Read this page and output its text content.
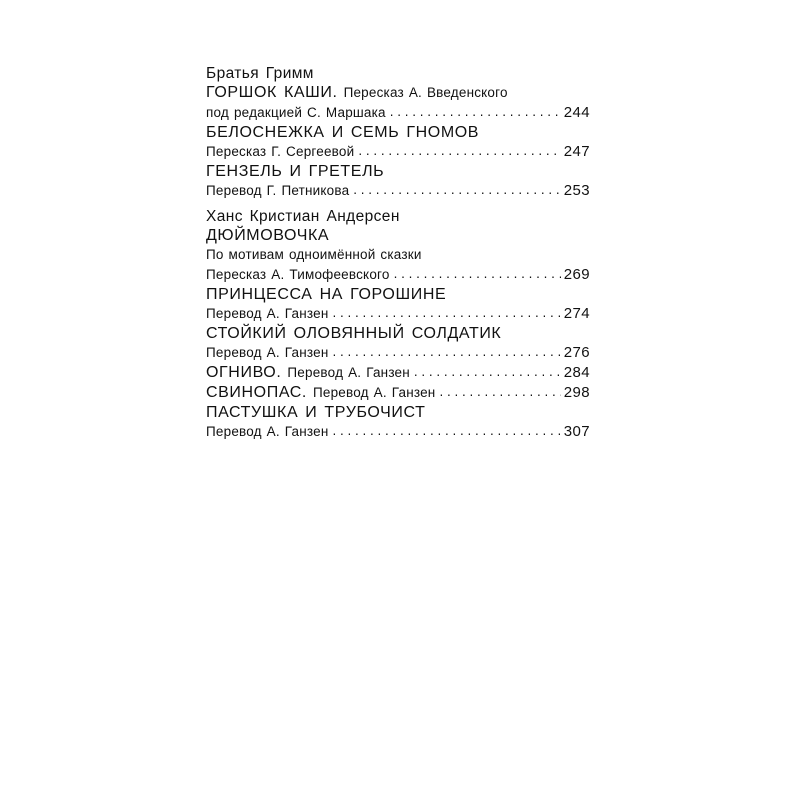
Братья Гримм
ГОРШОК КАШИ. Пересказ А. Введенского
под редакцией С. Маршака . . .	244
БЕЛОСНЕЖКА И СЕМЬ ГНОМОВ
Пересказ Г. Сергеевой . . .	247
ГЕНЗЕЛЬ И ГРЕТЕЛЬ
Перевод Г. Петникова . . .	253
Ханс Кристиан Андерсен
ДЮЙМОВОЧКА
По мотивам одноимённой сказки
Пересказ А. Тимофеевского . . .	269
ПРИНЦЕССА НА ГОРОШИНЕ
Перевод А. Ганзен . . .	274
СТОЙКИЙ ОЛОВЯННЫЙ СОЛДАТИК
Перевод А. Ганзен . . .	276
ОГНИВО. Перевод А. Ганзен . . .	284
СВИНОПАС. Перевод А. Ганзен . . .	298
ПАСТУШКА И ТРУБОЧИСТ
Перевод А. Ганзен . . .	307
